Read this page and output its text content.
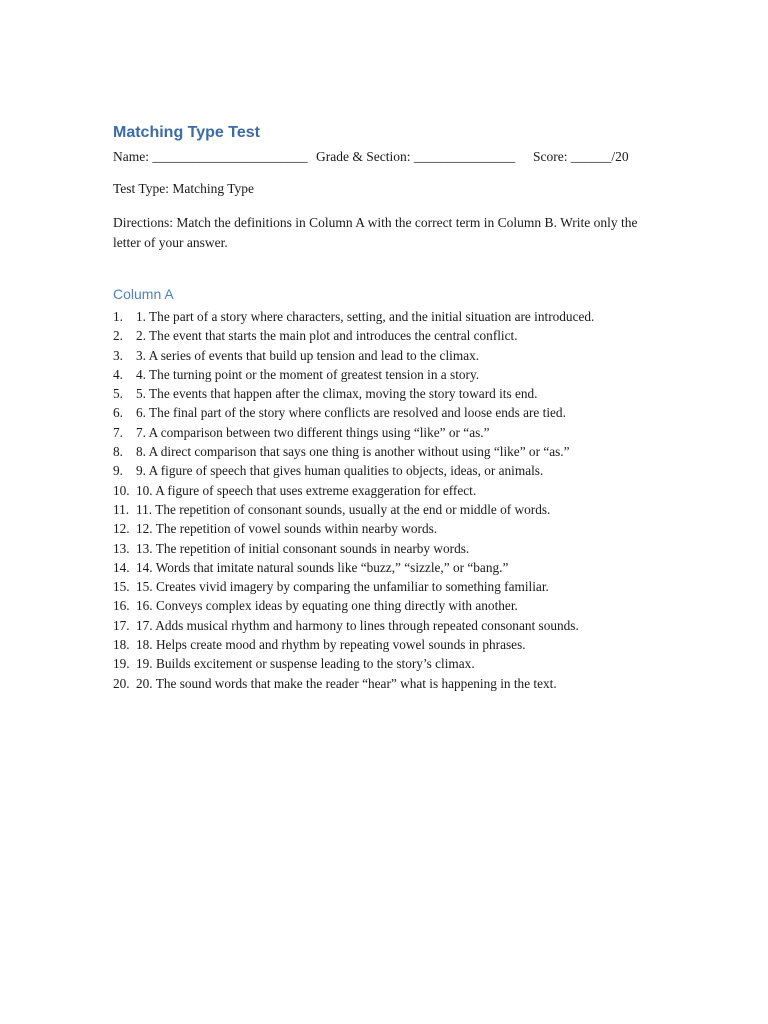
Matching Type Test
Name: _______________________ Grade & Section: _______________ Score: ______/20
Test Type: Matching Type
Directions: Match the definitions in Column A with the correct term in Column B. Write only the letter of your answer.
Column A
1. 1. The part of a story where characters, setting, and the initial situation are introduced.
2. 2. The event that starts the main plot and introduces the central conflict.
3. 3. A series of events that build up tension and lead to the climax.
4. 4. The turning point or the moment of greatest tension in a story.
5. 5. The events that happen after the climax, moving the story toward its end.
6. 6. The final part of the story where conflicts are resolved and loose ends are tied.
7. 7. A comparison between two different things using “like” or “as.”
8. 8. A direct comparison that says one thing is another without using “like” or “as.”
9. 9. A figure of speech that gives human qualities to objects, ideas, or animals.
10. 10. A figure of speech that uses extreme exaggeration for effect.
11. 11. The repetition of consonant sounds, usually at the end or middle of words.
12. 12. The repetition of vowel sounds within nearby words.
13. 13. The repetition of initial consonant sounds in nearby words.
14. 14. Words that imitate natural sounds like “buzz,” “sizzle,” or “bang.”
15. 15. Creates vivid imagery by comparing the unfamiliar to something familiar.
16. 16. Conveys complex ideas by equating one thing directly with another.
17. 17. Adds musical rhythm and harmony to lines through repeated consonant sounds.
18. 18. Helps create mood and rhythm by repeating vowel sounds in phrases.
19. 19. Builds excitement or suspense leading to the story’s climax.
20. 20. The sound words that make the reader “hear” what is happening in the text.
